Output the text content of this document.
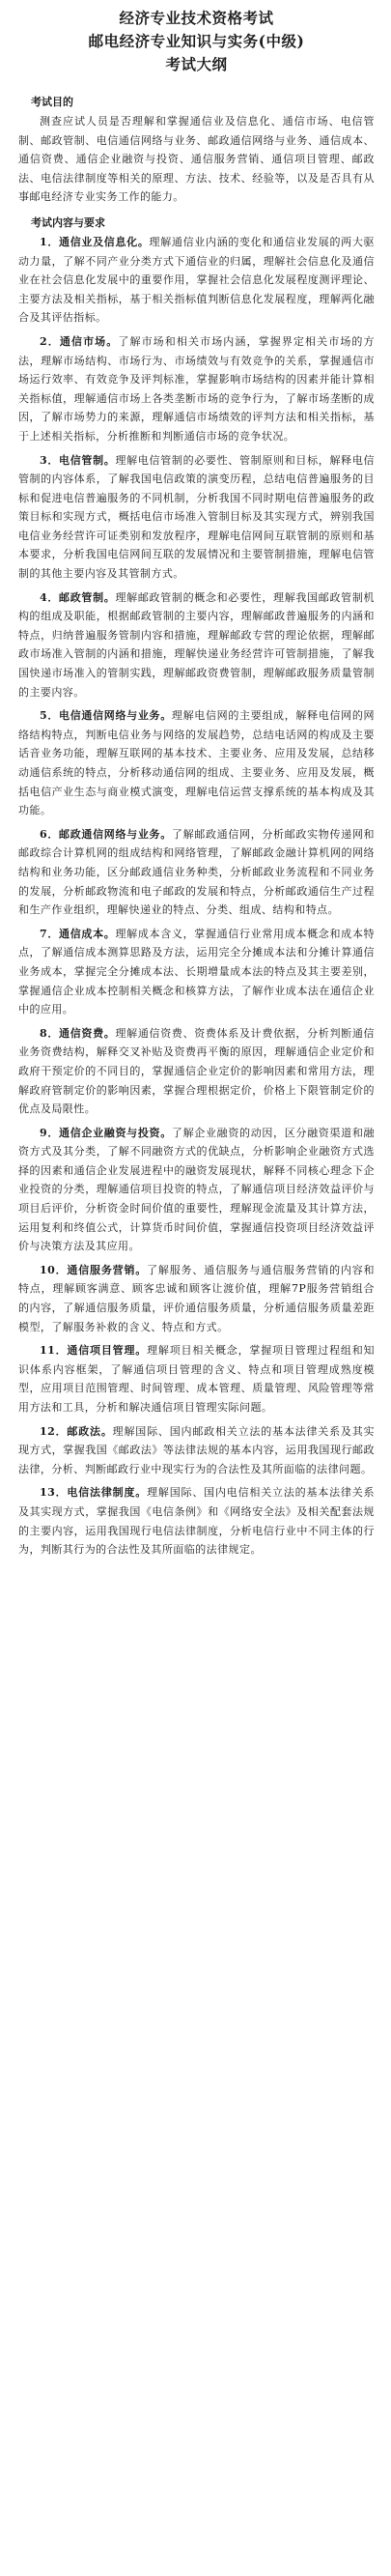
经济专业技术资格考试
邮电经济专业知识与实务(中级)
考试大纲
考试目的

测查应试人员是否理解和掌握通信业及信息化、通信市场、电信管制、邮政管制、电信通信网络与业务、邮政通信网络与业务、通信成本、通信资费、通信企业融资与投资、通信服务营销、通信项目管理、邮政法、电信法律制度等相关的原理、方法、技术、经验等，以及是否具有从事邮电经济专业实务工作的能力。

考试内容与要求

1．通信业及信息化。理解通信业内涵的变化和通信业发展的两大驱动力量，了解不同产业分类方式下通信业的归属，理解社会信息化及通信业在社会信息化发展中的重要作用，掌握社会信息化发展程度测评理论、主要方法及相关指标，基于相关指标值判断信息化发展程度，理解两化融合及其评估指标。

2．通信市场。了解市场和相关市场内涵，掌握界定相关市场的方法，理解市场结构、市场行为、市场绩效与有效竞争的关系，掌握通信市场运行效率、有效竞争及评判标准，掌握影响市场结构的因素并能计算相关指标值，理解通信市场上各类垄断市场的竞争行为，了解市场垄断的成因，了解市场势力的来源，理解通信市场绩效的评判方法和相关指标，基于上述相关指标，分析推断和判断通信市场的竞争状况。

3．电信管制。理解电信管制的必要性、管制原则和目标，解释电信管制的内容体系，了解我国电信政策的演变历程，总结电信普遍服务的目标和促进电信普遍服务的不同机制，分析我国不同时期电信普遍服务的政策目标和实现方式，概括电信市场准入管制目标及其实现方式，辨别我国电信业务经营许可证类别和发放程序，理解电信网间互联管制的原则和基本要求，分析我国电信网间互联的发展情况和主要管制措施，理解电信管制的其他主要内容及其管制方式。

4．邮政管制。理解邮政管制的概念和必要性，理解我国邮政管制机构的组成及职能，根据邮政管制的主要内容，理解邮政普遍服务的内涵和特点，归纳普遍服务管制内容和措施，理解邮政专营的理论依据，理解邮政市场准入管制的内涵和措施，理解快递业务经营许可管制措施，了解我国快递市场准入的管制实践，理解邮政资费管制，理解邮政服务质量管制的主要内容。

5．电信通信网络与业务。理解电信网的主要组成，解释电信网的网络结构特点，判断电信业务与网络的发展趋势，总结电话网的构成及主要话音业务功能，理解互联网的基本技术、主要业务、应用及发展，总结移动通信系统的特点，分析移动通信网的组成、主要业务、应用及发展，概括电信产业生态与商业模式演变，理解电信运营支撑系统的基本构成及其功能。

6．邮政通信网络与业务。了解邮政通信网，分析邮政实物传递网和邮政综合计算机网的组成结构和网络管理，了解邮政金融计算机网的网络结构和业务功能，区分邮政通信业务种类，分析邮政业务流程和不同业务的发展，分析邮政物流和电子邮政的发展和特点，分析邮政通信生产过程和生产作业组织，理解快递业的特点、分类、组成、结构和特点。

7．通信成本。理解成本含义，掌握通信行业常用成本概念和成本特点，了解通信成本测算思路及方法，运用完全分摊成本法和分摊计算通信业务成本，掌握完全分摊成本法、长期增量成本法的特点及其主要差别，掌握通信企业成本控制相关概念和核算方法，了解作业成本法在通信企业中的应用。

8．通信资费。理解通信资费、资费体系及计费依据，分析判断通信业务资费结构，解释交叉补贴及资费再平衡的原因，理解通信企业定价和政府干预定价的不同目的，掌握通信企业定价的影响因素和常用方法，理解政府管制定价的影响因素，掌握合理根据定价，价格上下限管制定价的优点及局限性。

9．通信企业融资与投资。了解企业融资的动因，区分融资渠道和融资方式及其分类，了解不同融资方式的优缺点，分析影响企业融资方式选择的因素和通信企业发展进程中的融资发展现状，解释不同核心理念下企业投资的分类，理解通信项目投资的特点，了解通信项目经济效益评价与项目后评价，分析资金时间价值的重要性，理解现金流量及其计算方法，运用复利和终值公式，计算货币时间价值，掌握通信投资项目经济效益评价与决策方法及其应用。

10．通信服务营销。了解服务、通信服务与通信服务营销的内容和特点，理解顾客满意、顾客忠诚和顾客让渡价值，理解7P服务营销组合的内容，了解通信服务质量，评价通信服务质量，分析通信服务质量差距模型，了解服务补救的含义、特点和方式。

11．通信项目管理。理解项目相关概念，掌握项目管理过程组和知识体系内容框架，了解通信项目管理的含义、特点和项目管理成熟度模型，应用项目范围管理、时间管理、成本管理、质量管理、风险管理等常用方法和工具，分析和解决通信项目管理实际问题。

12．邮政法。理解国际、国内邮政相关立法的基本法律关系及其实现方式，掌握我国《邮政法》等法律法规的基本内容，运用我国现行邮政法律，分析、判断邮政行业中现实行为的合法性及其所面临的法律问题。

13．电信法律制度。理解国际、国内电信相关立法的基本法律关系及其实现方式，掌握我国《电信条例》和《网络安全法》及相关配套法规的主要内容，运用我国现行电信法律制度，分析电信行业中不同主体的行为，判断其行为的合法性及其所面临的法律规定。
